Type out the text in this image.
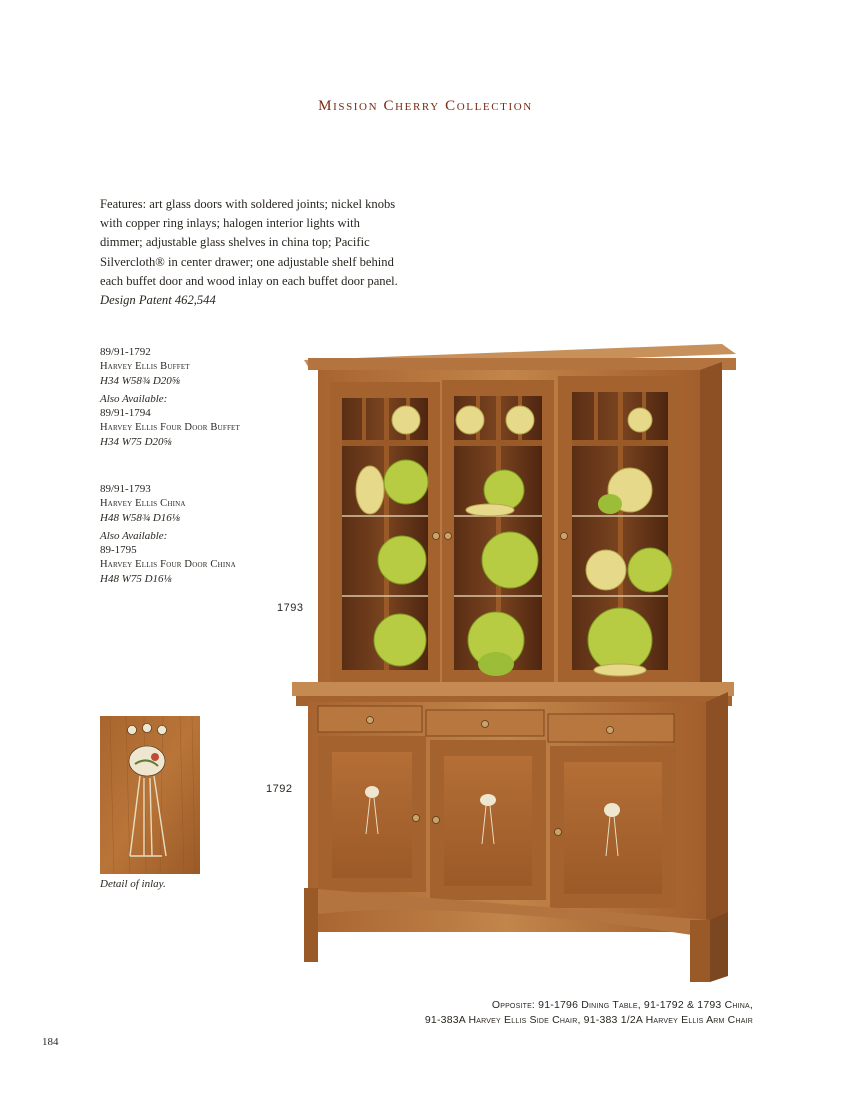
Mission Cherry Collection
Features: art glass doors with soldered joints; nickel knobs with copper ring inlays; halogen interior lights with dimmer; adjustable glass shelves in china top; Pacific Silvercloth® in center drawer; one adjustable shelf behind each buffet door and wood inlay on each buffet door panel.
Design Patent 462,544
89/91-1792
Harvey Ellis Buffet
H34 W58¾ D20⅝
Also Available:
89/91-1794
Harvey Ellis Four Door Buffet
H34 W75 D20⅝
89/91-1793
Harvey Ellis China
H48 W58¾ D16⅛
Also Available:
89-1795
Harvey Ellis Four Door China
H48 W75 D16⅛
1793
1792
Detail of inlay.
Opposite: 91-1796 Dining Table, 91-1792 & 1793 China,
91-383A Harvey Ellis Side Chair, 91-383 1/2A Harvey Ellis Arm Chair
184
